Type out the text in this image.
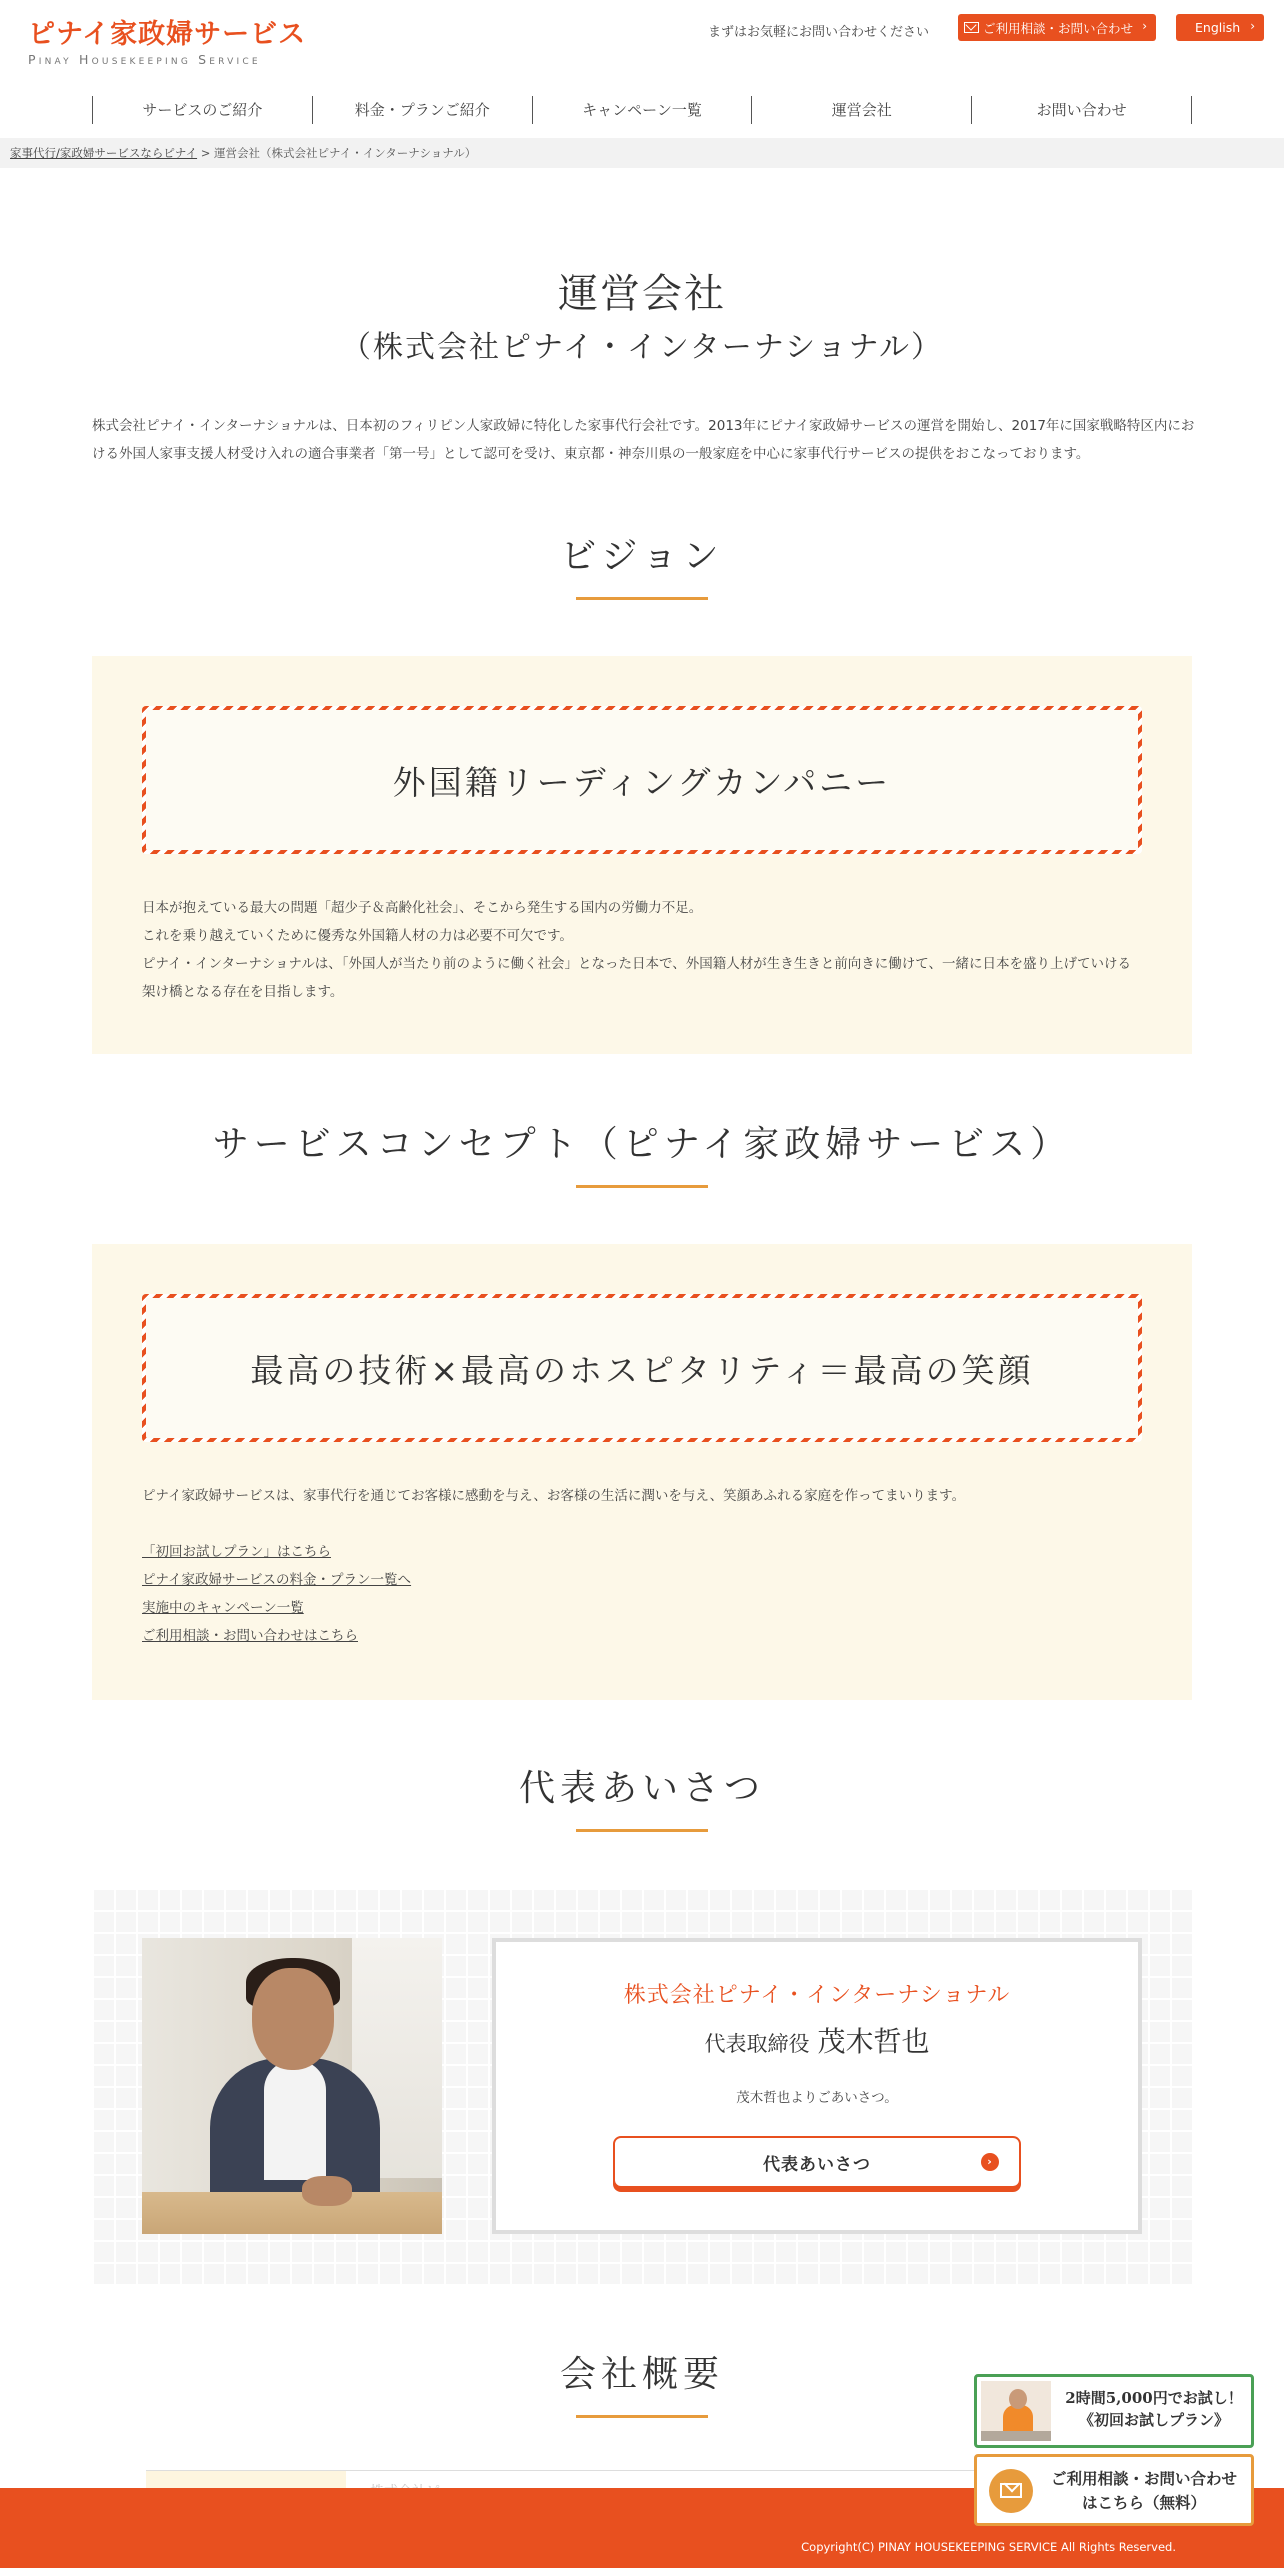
ピナイ家政婦サービス
Pinay Housekeeping Service
まずはお気軽にお問い合わせください	ご利用相談・お問い合わせ ›	English ›
サービスのご紹介	料金・プランご紹介	キャンペーン一覧	運営会社	お問い合わせ
家事代行/家政婦サービスならピナイ > 運営会社（株式会社ピナイ・インターナショナル）
運営会社
（株式会社ピナイ・インターナショナル）

株式会社ピナイ・インターナショナルは、日本初のフィリピン人家政婦に特化した家事代行会社です。2013年にピナイ家政婦サービスの運営を開始し、2017年に国家戦略特区内における外国人家事支援人材受け入れの適合事業者「第一号」として認可を受け、東京都・神奈川県の一般家庭を中心に家事代行サービスの提供をおこなっております。

ビジョン
外国籍リーディングカンパニー

日本が抱えている最大の問題「超少子＆高齢化社会」、そこから発生する国内の労働力不足。

これを乗り越えていくために優秀な外国籍人材の力は必要不可欠です。

ピナイ・インターナショナルは、「外国人が当たり前のように働く社会」となった日本で、外国籍人材が生き生きと前向きに働けて、一緒に日本を盛り上げていける架け橋となる存在を目指します。

サービスコンセプト（ピナイ家政婦サービス）
最高の技術×最高のホスピタリティ＝最高の笑顔

ピナイ家政婦サービスは、家事代行を通じてお客様に感動を与え、お客様の生活に潤いを与え、笑顔あふれる家庭を作ってまいります。

「初回お試しプラン」はこちら
ピナイ家政婦サービスの料金・プラン一覧へ
実施中のキャンペーン一覧
ご利用相談・お問い合わせはこちら
代表あいさつ
株式会社ピナイ・インターナショナル
代表取締役 茂木哲也
茂木哲也よりごあいさつ。
代表あいさつ	›
会社概要
Copyright(C) PINAY HOUSEKEEPING SERVICE All Rights Reserved.
2時間5,000円でお試し！
《初回お試しプラン》
ご利用相談・お問い合わせ
はこちら（無料）
